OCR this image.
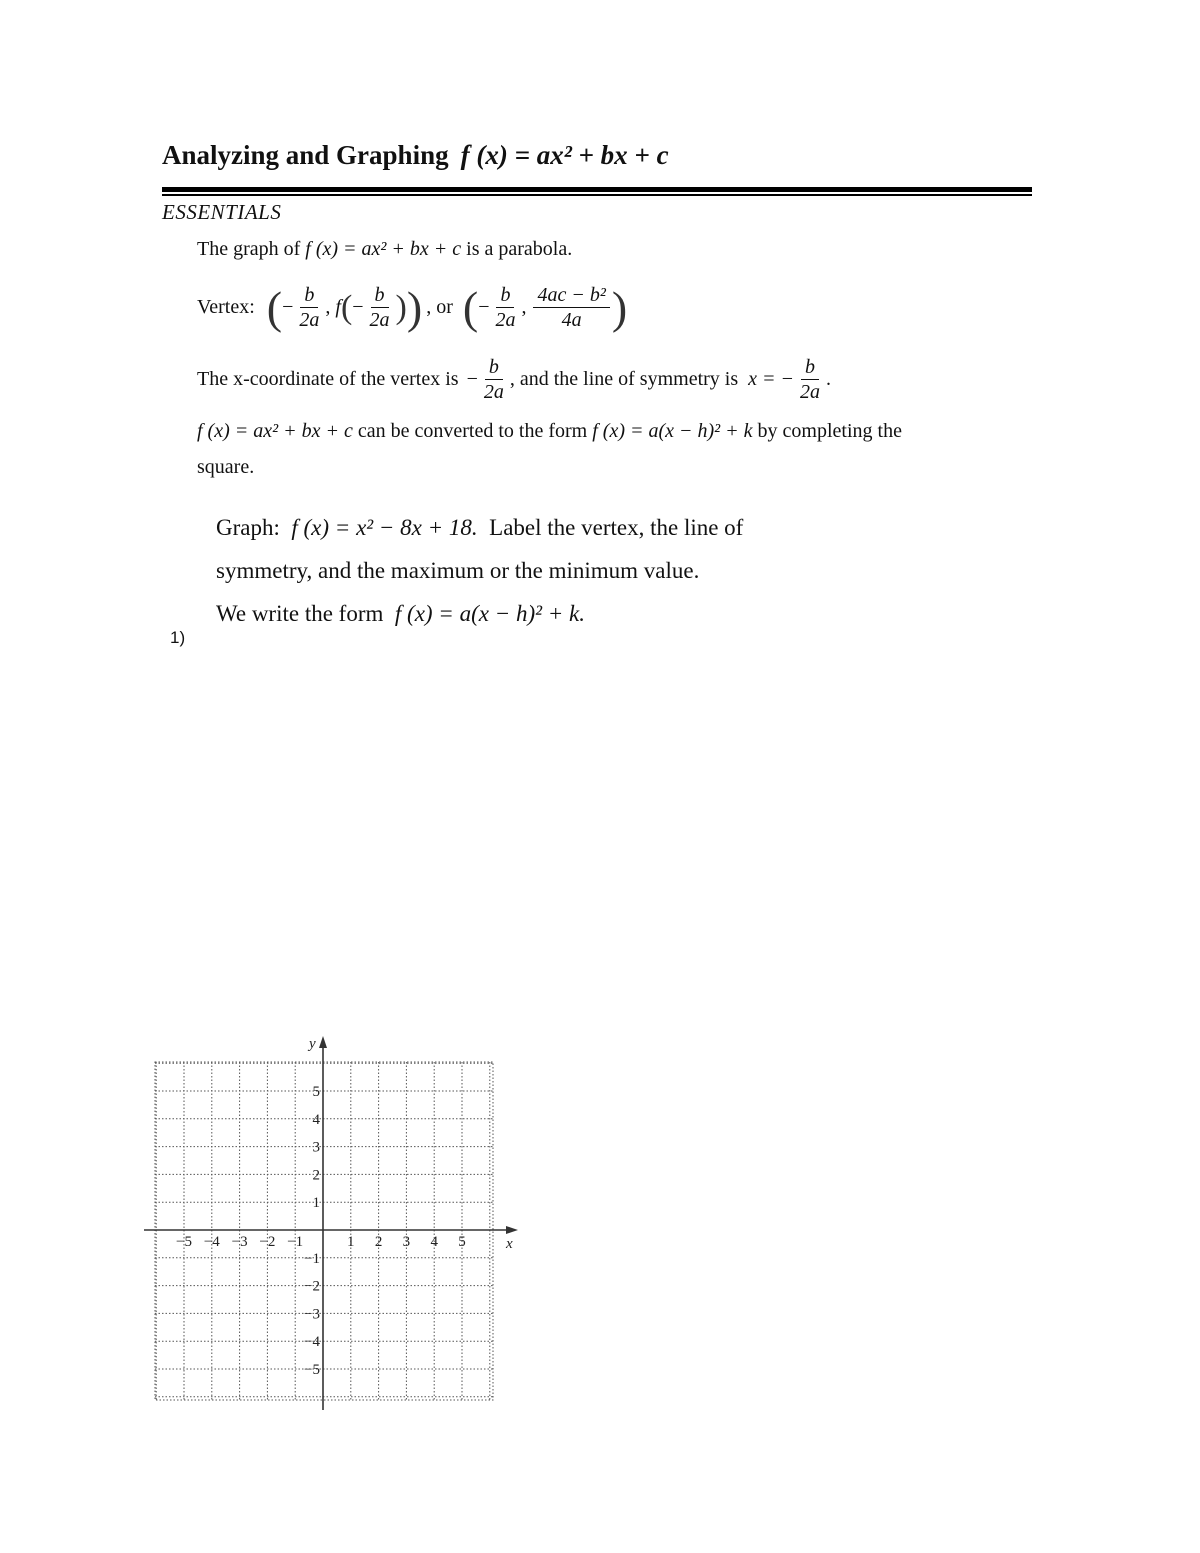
Analyzing and Graphing f (x) = ax² + bx + c
ESSENTIALS
The graph of f (x) = ax² + bx + c is a parabola.
Vertex: ( − $\frac{b}{2a}$ , f ( − $\frac{b}{2a}$ ) ) , or ( − $\frac{b}{2a}$ , $\frac{\text{4ac − b²}}{4a}$ )
The x-coordinate of the vertex is − $\frac{b}{2a}$ , and the line of symmetry is x = − $\frac{b}{2a}$ .
f (x) = ax² + bx + c can be converted to the form f (x) = a(x − h)² + k by completing the
square.
Graph: f (x) = x² − 8x + 18. Label the vertex, the line of
symmetry, and the maximum or the minimum value.
We write the form f (x) = a(x − h)² + k.
1)
x
y
−5 −4 −3 −2 −1	1 2 3 4 5
−5
−4
−3
−2
−1
1
2
3
4
5
